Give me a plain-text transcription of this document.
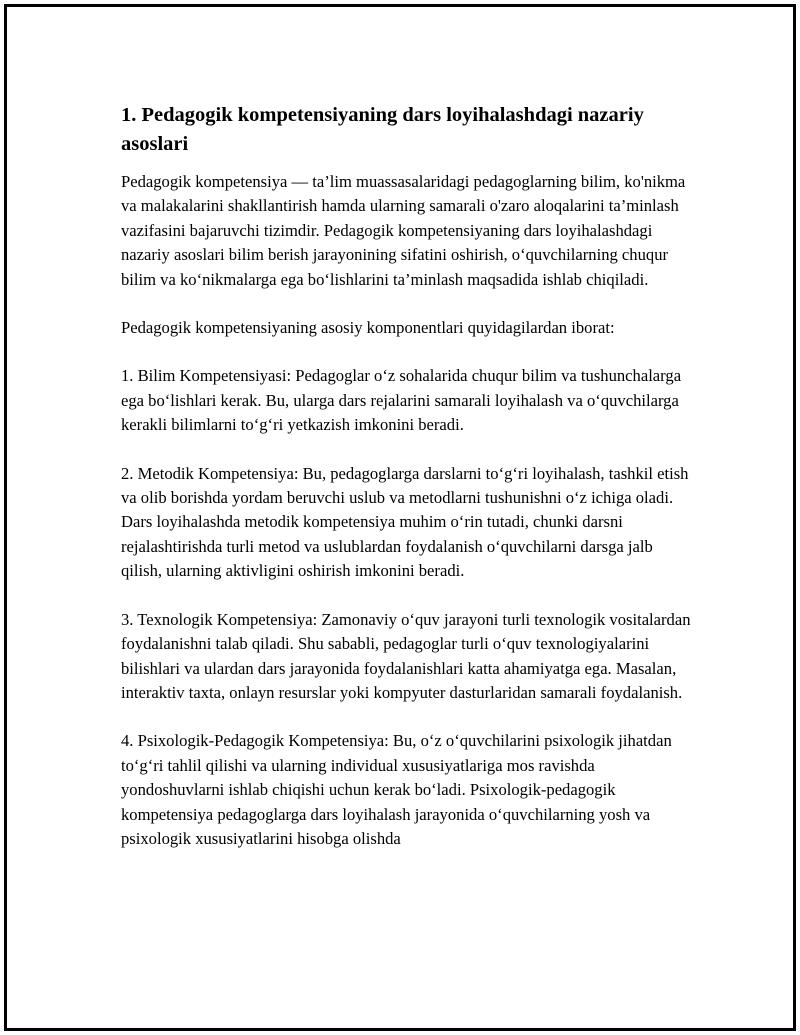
1. Pedagogik kompetensiyaning dars loyihalashdagi nazariy asoslari

Pedagogik kompetensiya — ta’lim muassasalaridagi pedagoglarning bilim, ko'nikma va malakalarini shakllantirish hamda ularning samarali o'zaro aloqalarini ta’minlash vazifasini bajaruvchi tizimdir. Pedagogik kompetensiyaning dars loyihalashdagi nazariy asoslari bilim berish jarayonining sifatini oshirish, o‘quvchilarning chuqur bilim va ko‘nikmalarga ega bo‘lishlarini ta’minlash maqsadida ishlab chiqiladi.

Pedagogik kompetensiyaning asosiy komponentlari quyidagilardan iborat:

1. Bilim Kompetensiyasi: Pedagoglar o‘z sohalarida chuqur bilim va tushunchalarga ega bo‘lishlari kerak. Bu, ularga dars rejalarini samarali loyihalash va o‘quvchilarga kerakli bilimlarni to‘g‘ri yetkazish imkonini beradi.

2. Metodik Kompetensiya: Bu, pedagoglarga darslarni to‘g‘ri loyihalash, tashkil etish va olib borishda yordam beruvchi uslub va metodlarni tushunishni o‘z ichiga oladi. Dars loyihalashda metodik kompetensiya muhim o‘rin tutadi, chunki darsni rejalashtirishda turli metod va uslublardan foydalanish o‘quvchilarni darsga jalb qilish, ularning aktivligini oshirish imkonini beradi.

3. Texnologik Kompetensiya: Zamonaviy o‘quv jarayoni turli texnologik vositalardan foydalanishni talab qiladi. Shu sababli, pedagoglar turli o‘quv texnologiyalarini bilishlari va ulardan dars jarayonida foydalanishlari katta ahamiyatga ega. Masalan, interaktiv taxta, onlayn resurslar yoki kompyuter dasturlaridan samarali foydalanish.

4. Psixologik-Pedagogik Kompetensiya: Bu, o‘z o‘quvchilarini psixologik jihatdan to‘g‘ri tahlil qilishi va ularning individual xususiyatlariga mos ravishda yondoshuvlarni ishlab chiqishi uchun kerak bo‘ladi. Psixologik-pedagogik kompetensiya pedagoglarga dars loyihalash jarayonida o‘quvchilarning yosh va psixologik xususiyatlarini hisobga olishda
